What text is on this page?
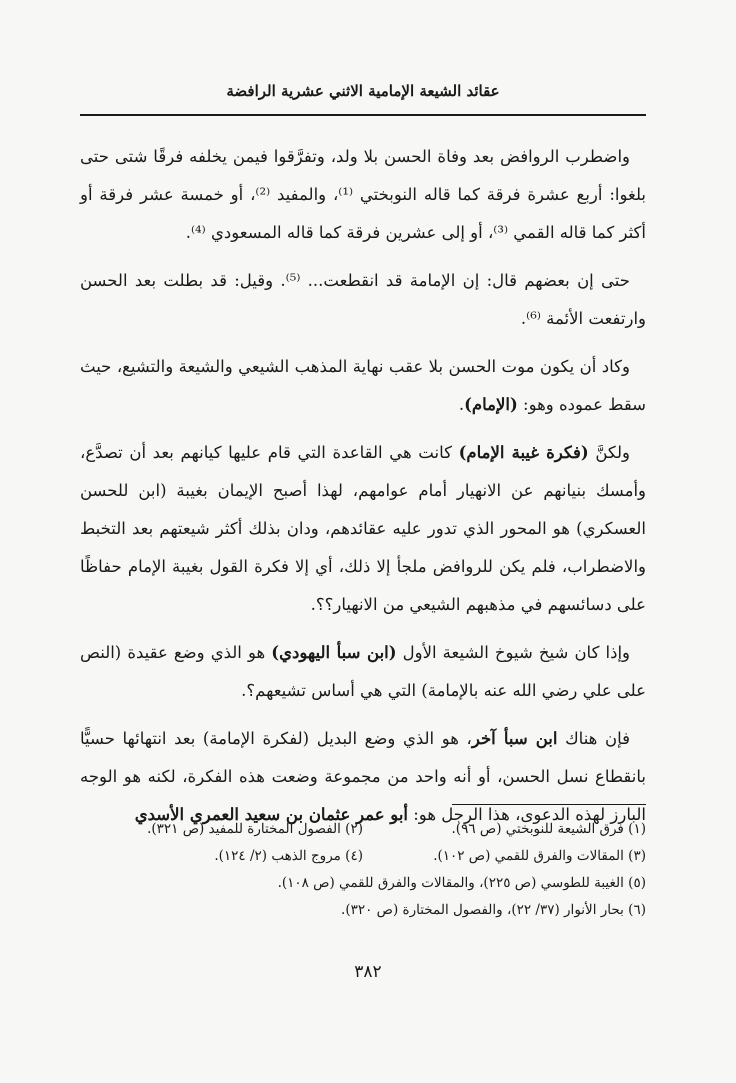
عقائد الشيعة الإمامية الاثني عشرية الرافضة

واضطرب الروافض بعد وفاة الحسن بلا ولد، وتفرَّقوا فيمن يخلفه فرقًا شتى حتى بلغوا: أربع عشرة فرقة كما قاله النوبختي ⁽¹⁾، والمفيد ⁽²⁾، أو خمسة عشر فرقة أو أكثر كما قاله القمي ⁽³⁾، أو إلى عشرين فرقة كما قاله المسعودي ⁽⁴⁾.

حتى إن بعضهم قال: إن الإمامة قد انقطعت... ⁽⁵⁾. وقيل: قد بطلت بعد الحسن وارتفعت الأئمة ⁽⁶⁾.

وكاد أن يكون موت الحسن بلا عقب نهاية المذهب الشيعي والشيعة والتشيع، حيث سقط عموده وهو: (الإمام).

ولكنَّ (فكرة غيبة الإمام) كانت هي القاعدة التي قام عليها كيانهم بعد أن تصدَّع، وأمسك بنيانهم عن الانهيار أمام عوامهم، لهذا أصبح الإيمان بغيبة (ابن للحسن العسكري) هو المحور الذي تدور عليه عقائدهم، ودان بذلك أكثر شيعتهم بعد التخبط والاضطراب، فلم يكن للروافض ملجأ إلا ذلك، أي إلا فكرة القول بغيبة الإمام حفاظًا على دسائسهم في مذهبهم الشيعي من الانهيار؟؟.

وإذا كان شيخ شيوخ الشيعة الأول (ابن سبأ اليهودي) هو الذي وضع عقيدة (النص على علي رضي الله عنه بالإمامة) التي هي أساس تشيعهم؟.

فإن هناك ابن سبأ آخر، هو الذي وضع البديل (لفكرة الإمامة) بعد انتهائها حسيًّا بانقطاع نسل الحسن، أو أنه واحد من مجموعة وضعت هذه الفكرة، لكنه هو الوجه البارز لهذه الدعوى، هذا الرجل هو: أبو عمر عثمان بن سعيد العمري الأسدي

(١) فرق الشيعة للنوبختي (ص ٩٦).
(٢) الفصول المختارة للمفيد (ص ٣٢١).
(٣) المقالات والفرق للقمي (ص ١٠٢).
(٤) مروج الذهب (٢/ ١٢٤).
(٥) الغيبة للطوسي (ص ٢٢٥)، والمقالات والفرق للقمي (ص ١٠٨).
(٦) بحار الأنوار (٣٧/ ٢٢)، والفصول المختارة (ص ٣٢٠).
٣٨٢
